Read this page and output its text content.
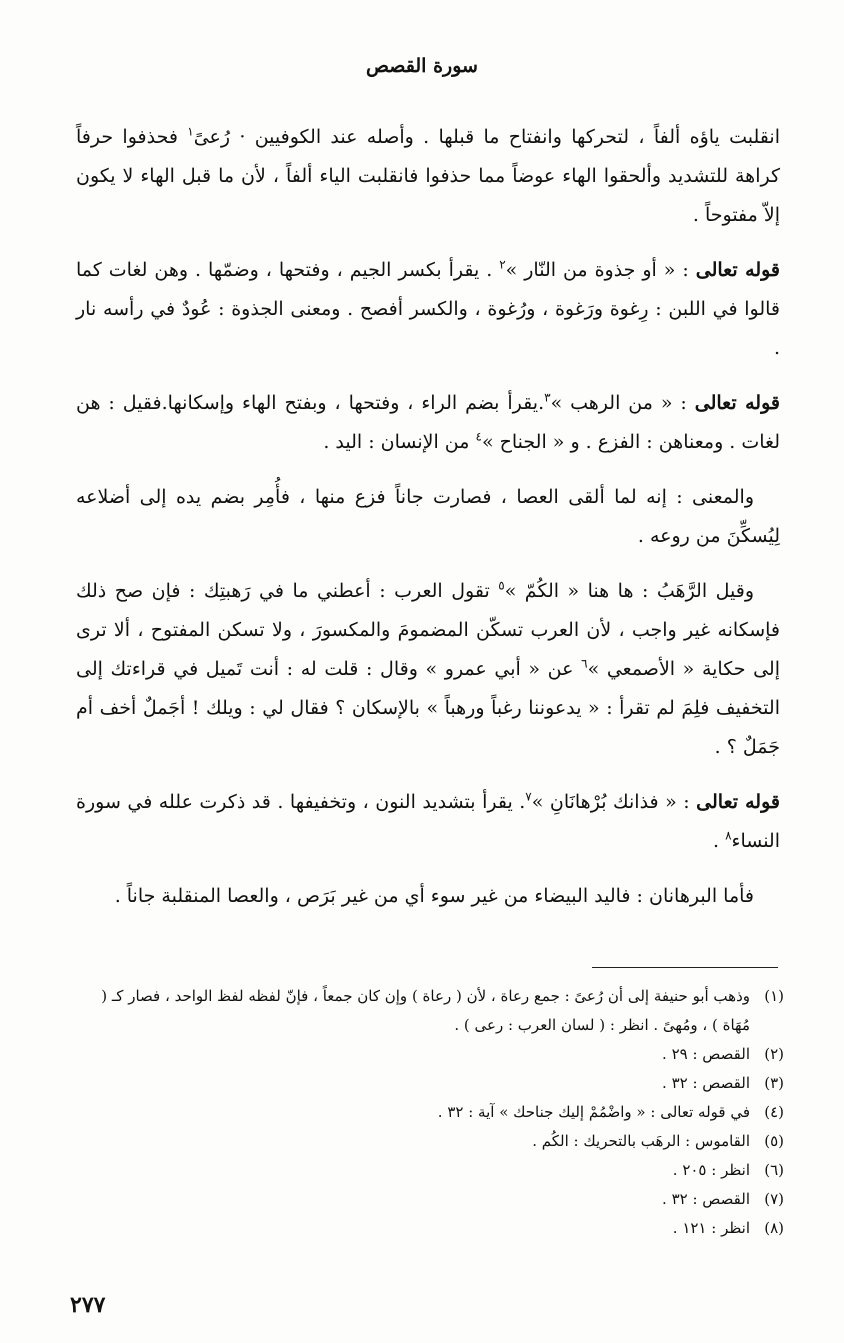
سورة القصص

انقلبت ياؤه ألفاً ، لتحركها وانفتاح ما قبلها . وأصله عند الكوفيين · رُعىً$^١$ فحذفوا حرفاً كراهة للتشديد وألحقوا الهاء عوضاً مما حذفوا فانقلبت الياء ألفاً ، لأن ما قبل الهاء لا يكون إلاّ مفتوحاً .

قوله تعالى : « أو جذوة من النّار »$^٢$ . يقرأ بكسر الجيم ، وفتحها ، وضمّها . وهن لغات كما قالوا في اللبن : رِغوة ورَغوة ، ورُغوة ، والكسر أفصح . ومعنى الجذوة : عُودٌ في رأسه نار .

قوله تعالى : « من الرهب »$^٣$.يقرأ بضم الراء ، وفتحها ، وبفتح الهاء وإسكانها.فقيل : هن لغات . ومعناهن : الفزع . و « الجناح »$^٤$ من الإنسان : اليد .

والمعنى : إنه لما ألقى العصا ، فصارت جاناً فزع منها ، فأُمِر بضم يده إلى أضلاعه لِيُسكِّنَ من روعه .

وقيل الرَّهَبُ : ها هنا « الكُمّ »$^٥$ تقول العرب : أعطني ما في رَهبتِك : فإن صح ذلك فإسكانه غير واجب ، لأن العرب تسكّن المضمومَ والمكسورَ ، ولا تسكن المفتوح ، ألا ترى إلى حكاية « الأصمعي »$^٦$ عن « أبي عمرو » وقال : قلت له : أنت تَميل في قراءتك إلى التخفيف فلِمَ لم تقرأ : « يدعوننا رغباً ورهباً » بالإسكان ؟ فقال لي : ويلك ! أجَملٌ أخف أم جَمَلٌ ؟ .

قوله تعالى : « فذانك بُرْهانَانِ »$^٧$. يقرأ بتشديد النون ، وتخفيفها . قد ذكرت علله في سورة النساء$^٨$ .

فأما البرهانان : فاليد البيضاء من غير سوء أي من غير بَرَص ، والعصا المنقلبة جاناً .

(١)
وذهب أبو حنيفة إلى أن رُعىً : جمع رعاة ، لأن ( رعاة ) وإن كان جمعاً ، فإنّ لفظه لفظ الواحد ، فصار كـ ( مُهَاة ) ، ومُهىً . انظر : ( لسان العرب : رعى ) .
(٢)
القصص : ٢٩ .
(٣)
القصص : ٣٢ .
(٤)
في قوله تعالى : « واضْمُمْ إليك جناحك » آية : ٣٢ .
(٥)
القاموس : الرهَب بالتحريك : الكُم .
(٦)
انظر : ٢٠٥ .
(٧)
القصص : ٣٢ .
(٨)
انظر : ١٢١ .
٢٧٧
